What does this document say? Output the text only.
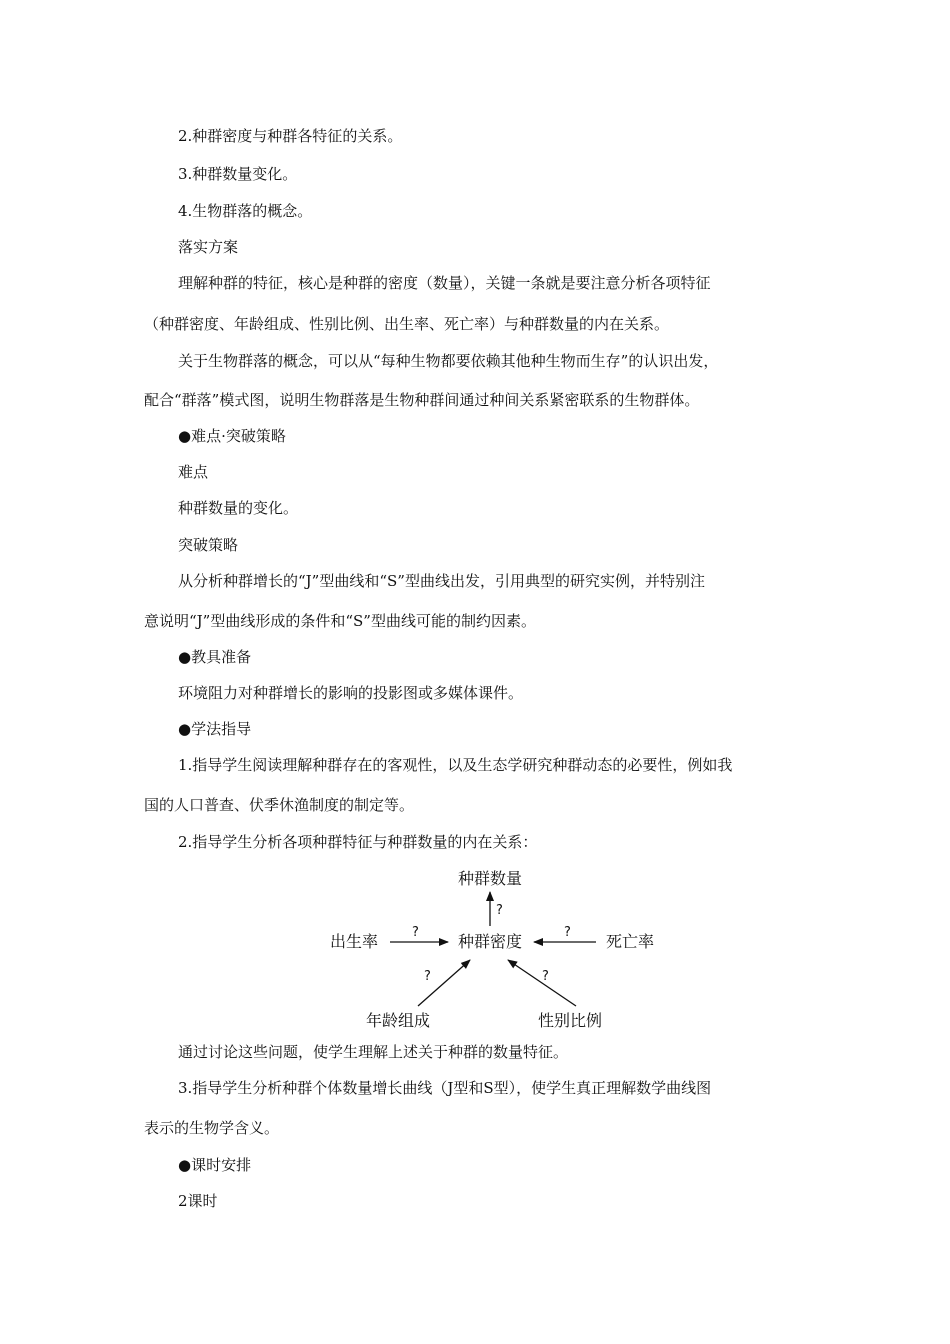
2.种群密度与种群各特征的关系。
3.种群数量变化。
4.生物群落的概念。
落实方案
理解种群的特征，核心是种群的密度（数量），关键一条就是要注意分析各项特征
（种群密度、年龄组成、性别比例、出生率、死亡率）与种群数量的内在关系。
关于生物群落的概念，可以从“每种生物都要依赖其他种生物而生存”的认识出发，
配合“群落”模式图，说明生物群落是生物种群间通过种间关系紧密联系的生物群体。
●难点·突破策略
难点
种群数量的变化。
突破策略
从分析种群增长的“J”型曲线和“S”型曲线出发，引用典型的研究实例，并特别注
意说明“J”型曲线形成的条件和“S”型曲线可能的制约因素。
●教具准备
环境阻力对种群增长的影响的投影图或多媒体课件。
●学法指导
1.指导学生阅读理解种群存在的客观性，以及生态学研究种群动态的必要性，例如我
国的人口普查、伏季休渔制度的制定等。
2.指导学生分析各项种群特征与种群数量的内在关系：
种群数量
种群密度
出生率	死亡率
年龄组成	性别比例
?
?	?
?	?
通过讨论这些问题，使学生理解上述关于种群的数量特征。
3.指导学生分析种群个体数量增长曲线（J型和S型），使学生真正理解数学曲线图
表示的生物学含义。
●课时安排
2课时
